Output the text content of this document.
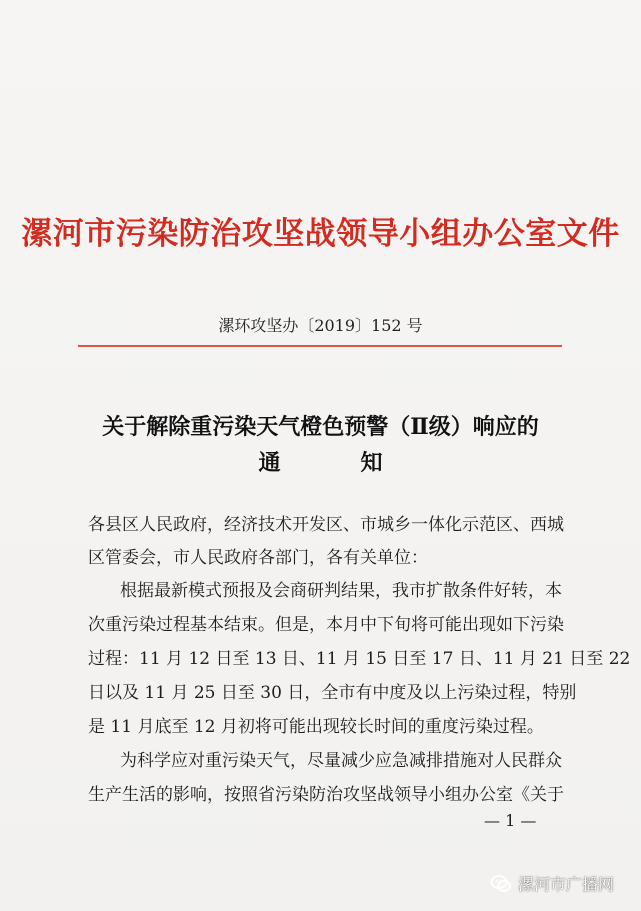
漯河市污染防治攻坚战领导小组办公室文件
漯环攻坚办〔2019〕152 号
关于解除重污染天气橙色预警（Ⅱ级）响应的
通知
各县区人民政府，经济技术开发区、市城乡一体化示范区、西城
区管委会，市人民政府各部门，各有关单位：
根据最新模式预报及会商研判结果，我市扩散条件好转，本
次重污染过程基本结束。但是，本月中下旬将可能出现如下污染
过程：11 月 12 日至 13 日、11 月 15 日至 17 日、11 月 21 日至 22
日以及 11 月 25 日至 30 日，全市有中度及以上污染过程，特别
是 11 月底至 12 月初将可能出现较长时间的重度污染过程。
为科学应对重污染天气，尽量减少应急减排措施对人民群众
生产生活的影响，按照省污染防治攻坚战领导小组办公室《关于
— 1 —
漯河市广播网
